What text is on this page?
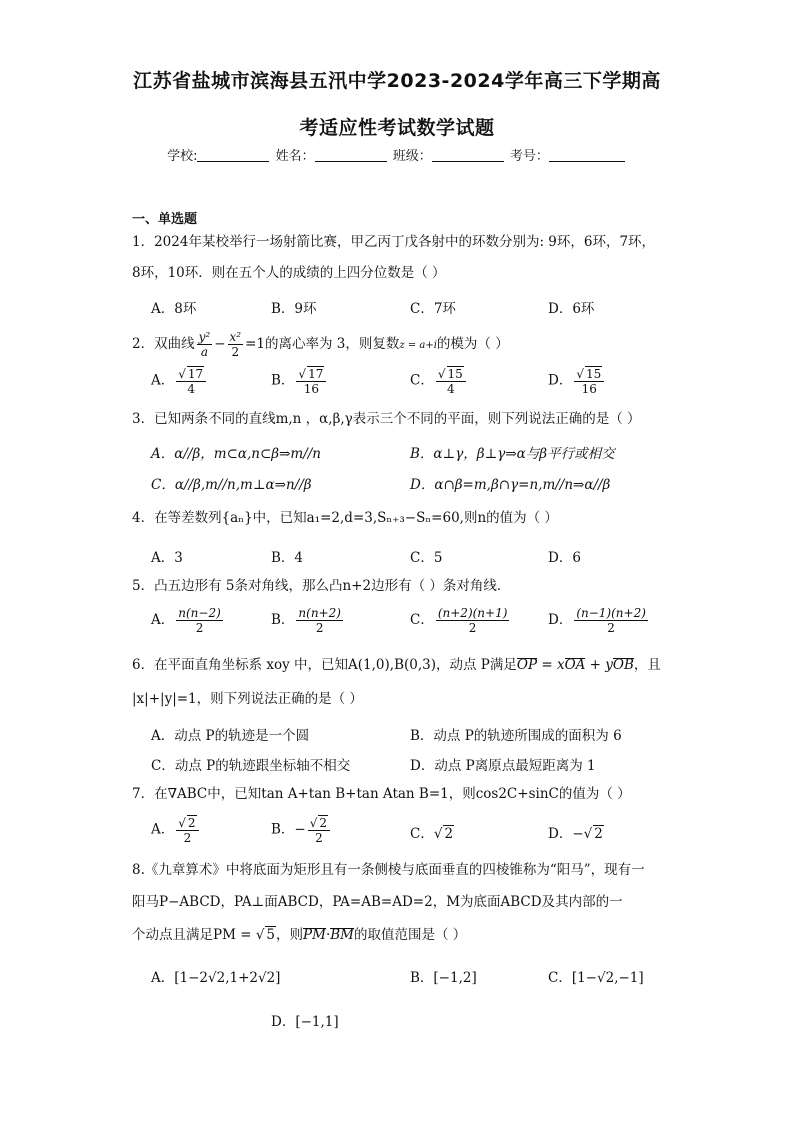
江苏省盐城市滨海县五汛中学2023-2024学年高三下学期高
考适应性考试数学试题
学校:	姓名：	班级：	考号：
一、单选题
1．2024年某校举行一场射箭比赛，甲乙丙丁戊各射中的环数分别为: 9环，6环，7环，
8环，10环．则在五个人的成绩的上四分位数是（ ）
A．8环	B．9环	C．7环	D．6环
2．双曲线 $\frac{\text{y²}}{a} - \frac{\text{x²}}{2} =1$的离心率为 3，则复数z = a+i的模为（ ）
A． $\frac{√ 17}{4}$	B． $\frac{√ 17}{16}$	C． $\frac{√ 15}{4}$	D． $\frac{√ 15}{16}$
3．已知两条不同的直线m,n ，α,β,γ表示三个不同的平面，则下列说法正确的是（ ）
A．α//β，m⊂α,n⊂β⇒m//n	B．α⊥γ，β⊥γ⇒α与β平行或相交
C．α//β,m//n,m⊥α⇒n//β	D．α∩β=m,β∩γ=n,m//n⇒α//β
4．在等差数列{aₙ}中，已知a₁=2,d=3,Sₙ₊₃−Sₙ=60,则n的值为（ ）
A．3	B．4	C．5	D．6
5．凸五边形有 5条对角线，那么凸n+2边形有（ ）条对角线．
A． $\frac{n(n-2)}{2}$	B． $\frac{n(n+2)}{2}$	C． $\frac{(n+2)(n+1)}{2}$	D． $\frac{(n-1)(n+2)}{2}$
6．在平面直角坐标系 xoy 中，已知A(1,0),B(0,3)，动点 P满足OP = xOA + yOB，且
|x|+|y|=1，则下列说法正确的是（ ）
A．动点 P的轨迹是一个圆	B．动点 P的轨迹所围成的面积为 6
C．动点 P的轨迹跟坐标轴不相交	D．动点 P离原点最短距离为 1
7．在∇ABC中，已知tan A+tan B+tan Atan B=1，则cos2C+sinC的值为（ ）
A． $\frac{√ 2}{2}$	B．− $\frac{√ 2}{2}$	C．√ 2	D．−√ 2
8.《九章算术》中将底面为矩形且有一条侧棱与底面垂直的四棱锥称为“阳马”，现有一
阳马P−ABCD，PA⊥面ABCD，PA=AB=AD=2，M为底面ABCD及其内部的一
个动点且满足PM = √ 5，则PM·BM的取值范围是（ ）
A．[1−2√2,1+2√2]	B．[−1,2]	C．[1−√2,−1]
D．[−1,1]
